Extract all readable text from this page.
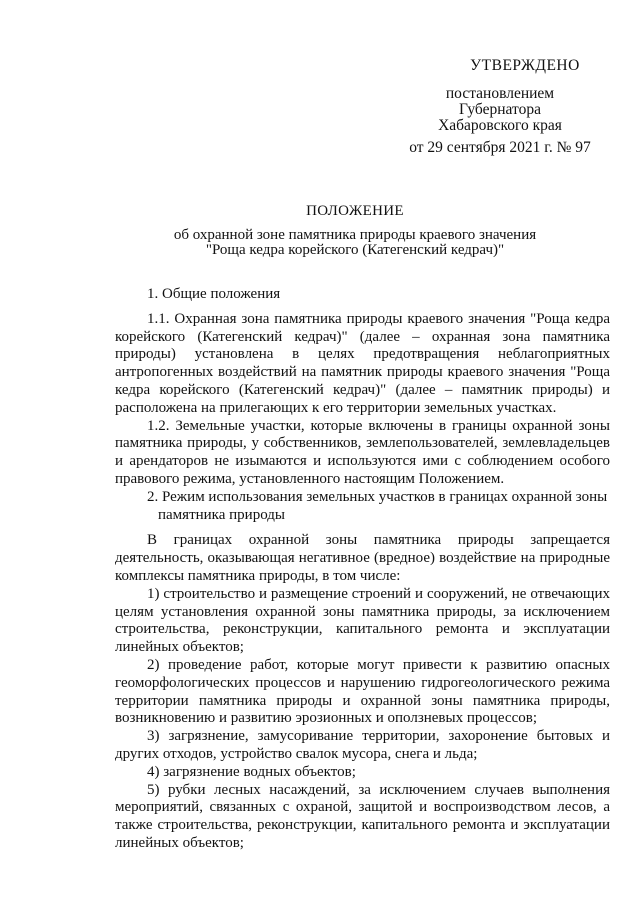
УТВЕРЖДЕНО
постановлением
Губернатора
Хабаровского края
от 29 сентября 2021 г. № 97
ПОЛОЖЕНИЕ
об охранной зоне памятника природы краевого значения
"Роща кедра корейского (Категенский кедрач)"

1. Общие положения

1.1. Охранная зона памятника природы краевого значения "Роща кедра корейского (Категенский кедрач)" (далее – охранная зона памятника природы) установлена в целях предотвращения неблагоприятных антропогенных воздействий на памятник природы краевого значения "Роща кедра корейского (Категенский кедрач)" (далее – памятник природы) и расположена на прилегающих к его территории земельных участках.

1.2. Земельные участки, которые включены в границы охранной зоны памятника природы, у собственников, землепользователей, землевладельцев и арендаторов не изымаются и используются ими с соблюдением особого правового режима, установленного настоящим Положением.

2. Режим использования земельных участков в границах охранной зоны
памятника природы

В границах охранной зоны памятника природы запрещается деятельность, оказывающая негативное (вредное) воздействие на природные комплексы памятника природы, в том числе:

1) строительство и размещение строений и сооружений, не отвечающих целям установления охранной зоны памятника природы, за исключением строительства, реконструкции, капитального ремонта и эксплуатации линейных объектов;

2) проведение работ, которые могут привести к развитию опасных геоморфологических процессов и нарушению гидрогеологического режима территории памятника природы и охранной зоны памятника природы, возникновению и развитию эрозионных и оползневых процессов;

3) загрязнение, замусоривание территории, захоронение бытовых и других отходов, устройство свалок мусора, снега и льда;

4) загрязнение водных объектов;

5) рубки лесных насаждений, за исключением случаев выполнения мероприятий, связанных с охраной, защитой и воспроизводством лесов, а также строительства, реконструкции, капитального ремонта и эксплуатации линейных объектов;
